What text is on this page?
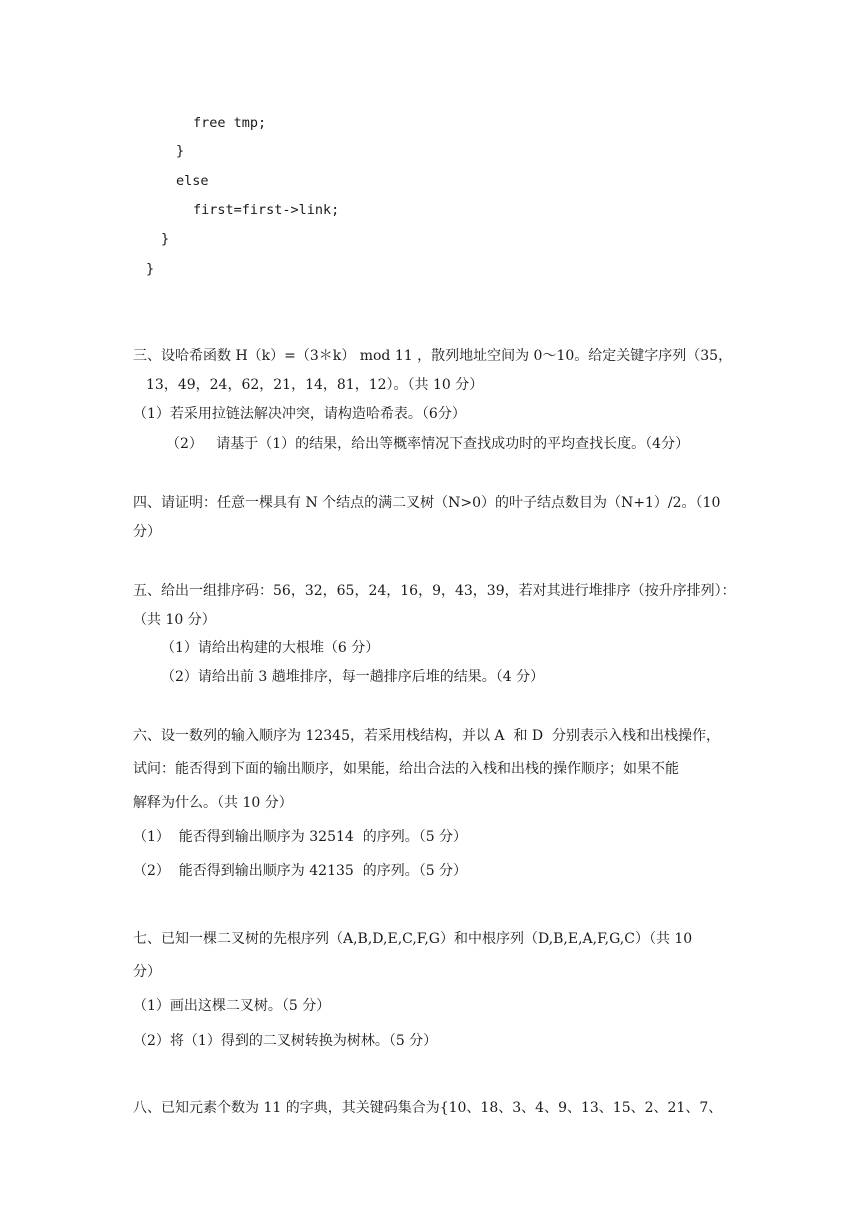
free tmp;
}
else
first=first->link;
}
}
三、设哈希函数 H（k）=（3＊k） mod 11 ，散列地址空间为 0～10。给定关键字序列（35，
13，49，24，62，21，14，81，12）。（共 10 分）
（1）若采用拉链法解决冲突，请构造哈希表。（6分）
（2）   请基于（1）的结果，给出等概率情况下查找成功时的平均查找长度。（4分）
四、请证明：任意一棵具有 N 个结点的满二叉树（N>0）的叶子结点数目为（N+1）/2。（10
分）
五、给出一组排序码：56，32，65，24，16，9，43，39，若对其进行堆排序（按升序排列）：
（共 10 分）
（1）请给出构建的大根堆（6 分）
（2）请给出前 3 趟堆排序，每一趟排序后堆的结果。（4 分）
六、设一数列的输入顺序为 12345，若采用栈结构，并以 A  和 D  分别表示入栈和出栈操作，
试问：能否得到下面的输出顺序，如果能，给出合法的入栈和出栈的操作顺序；如果不能
解释为什么。（共 10 分）
（1）  能否得到输出顺序为 32514  的序列。（5 分）
（2）  能否得到输出顺序为 42135  的序列。（5 分）
七、已知一棵二叉树的先根序列（A,B,D,E,C,F,G）和中根序列（D,B,E,A,F,G,C）（共 10
分）
（1）画出这棵二叉树。（5 分）
（2）将（1）得到的二叉树转换为树林。（5 分）
八、已知元素个数为 11 的字典，其关键码集合为{10、18、3、4、9、13、15、2、21、7、
